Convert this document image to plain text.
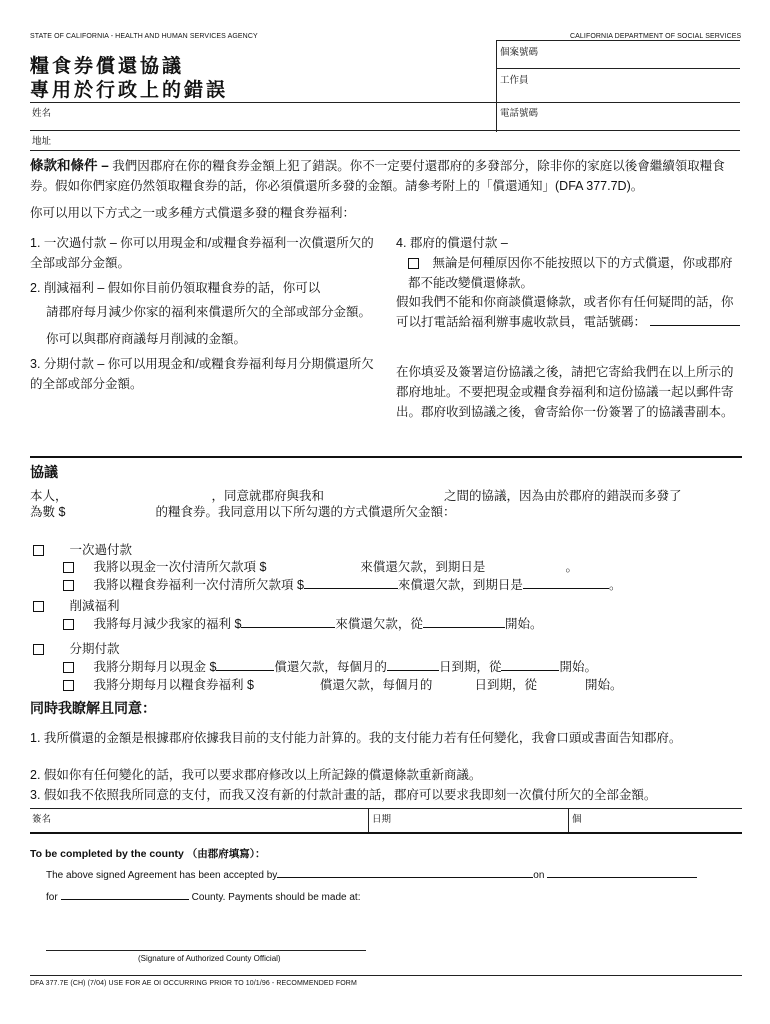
STATE OF CALIFORNIA - HEALTH AND HUMAN SERVICES AGENCY	CALIFORNIA DEPARTMENT OF SOCIAL SERVICES
糧食券償還協議
專用於行政上的錯誤
個案號碼
工作員
姓名	電話號碼
地址
條款和條件 – 我們因郡府在你的糧食券金額上犯了錯誤。你不一定要付還郡府的多發部分，除非你的家庭以後會繼續領取糧食券。假如你們家庭仍然領取糧食券的話，你必須償還所多發的金額。請參考附上的「償還通知」(DFA 377.7D)。
你可以用以下方式之一或多種方式償還多發的糧食券福利：
1. 一次過付款 – 你可以用現金和/或糧食券福利一次償還所欠的全部或部分金額。
2. 削減福利 – 假如你目前仍領取糧食券的話，你可以
請郡府每月減少你家的福利來償還所欠的全部或部分金額。
你可以與郡府商議每月削減的金額。
3. 分期付款 – 你可以用現金和/或糧食券福利每月分期償還所欠的全部或部分金額。
4. 郡府的償還付款 –
無論是何種原因你不能按照以下的方式償還，你或郡府都不能改變償還條款。
假如我們不能和你商談償還條款，或者你有任何疑問的話，你可以打電話給福利辦事處收款員，電話號碼：
在你填妥及簽署這份協議之後，請把它寄給我們在以上所示的郡府地址。不要把現金或糧食券福利和這份協議一起以郵件寄出。郡府收到協議之後，會寄給你一份簽署了的協議書副本。
協議
本人，	，同意就郡府與我和	之間的協議，因為由於郡府的錯誤而多發了
為數 $	的糧食券。我同意用以下所勾選的方式償還所欠金額：
一次過付款
我將以現金一次付清所欠款項 $	來償還欠款，到期日是	。
我將以糧食券福利一次付清所欠款項 $	來償還欠款，到期日是	。
削減福利
我將每月減少我家的福利 $	來償還欠款，從	開始。
分期付款
我將分期每月以現金 $	償還欠款，每個月的	日到期，從	開始。
我將分期每月以糧食券福利 $	償還欠款，每個月的	日到期，從	開始。
同時我瞭解且同意：
1. 我所償還的金額是根據郡府依據我目前的支付能力計算的。我的支付能力若有任何變化，我會口頭或書面告知郡府。
2. 假如你有任何變化的話，我可以要求郡府修改以上所記錄的償還條款重新商議。
3. 假如我不依照我所同意的支付，而我又沒有新的付款計畫的話，郡府可以要求我即刻一次償付所欠的全部金額。
簽名	日期	個
To be completed by the county （由郡府填寫）：
The above signed Agreement has been accepted by	on
for	County. Payments should be made at:
(Signature of Authorized County Official)
DFA 377.7E (CH) (7/04) USE FOR AE OI OCCURRING PRIOR TO 10/1/96 - RECOMMENDED FORM
